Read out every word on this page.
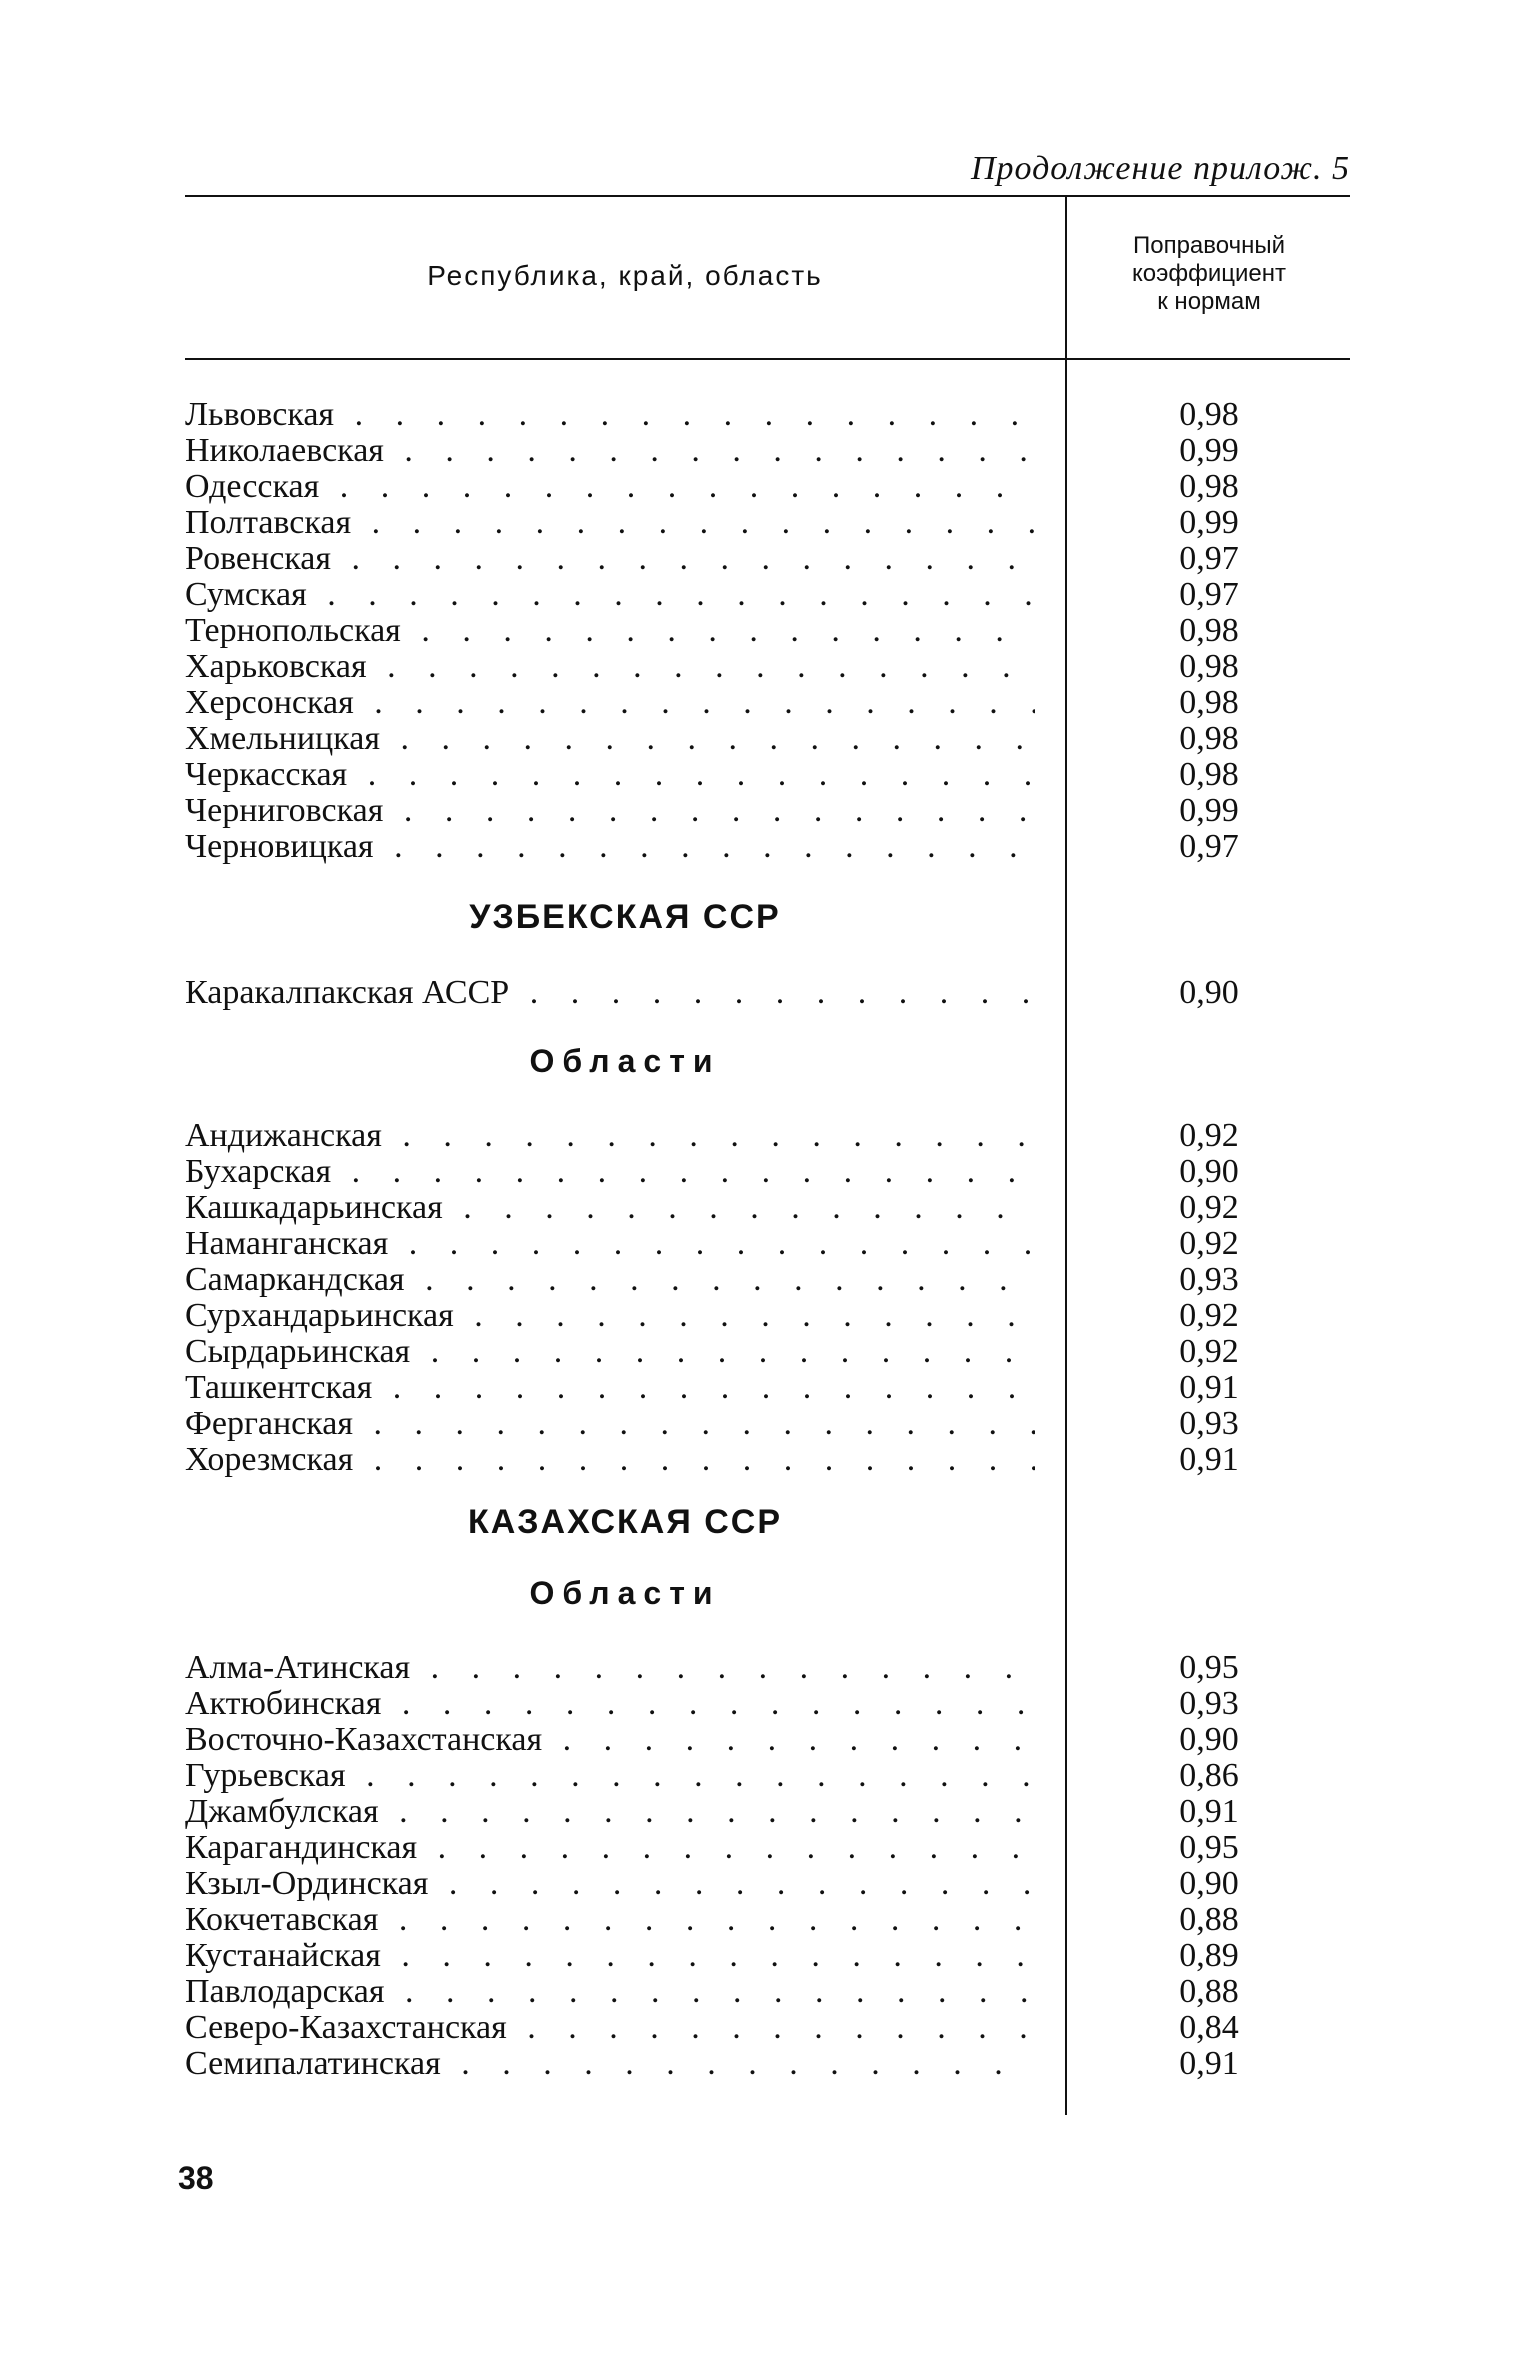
Продолжение прилож. 5
Республика, край, область
Поправочный
коэффициент
к нормам
Львовская . . .	0,98
Николаевская . . .	0,99
Одесская . . .	0,98
Полтавская . . .	0,99
Ровенская . . .	0,97
Сумская . . .	0,97
Тернопольская . . .	0,98
Харьковская . . .	0,98
Херсонская . . .	0,98
Хмельницкая . . .	0,98
Черкасская . . .	0,98
Черниговская . . .	0,99
Черновицкая . . .	0,97
УЗБЕКСКАЯ ССР
Каракалпакская АССР . . .	0,90
Области
Андижанская . . .	0,92
Бухарская . . .	0,90
Кашкадарьинская . . .	0,92
Наманганская . . .	0,92
Самаркандская . . .	0,93
Сурхандарьинская . . .	0,92
Сырдарьинская . . .	0,92
Ташкентская . . .	0,91
Ферганская . . .	0,93
Хорезмская . . .	0,91
КАЗАХСКАЯ ССР
Области
Алма-Атинская . . .	0,95
Актюбинская . . .	0,93
Восточно-Казахстанская . . .	0,90
Гурьевская . . .	0,86
Джамбулская . . .	0,91
Карагандинская . . .	0,95
Кзыл-Ординская . . .	0,90
Кокчетавская . . .	0,88
Кустанайская . . .	0,89
Павлодарская . . .	0,88
Северо-Казахстанская . . .	0,84
Семипалатинская . . .	0,91
38
